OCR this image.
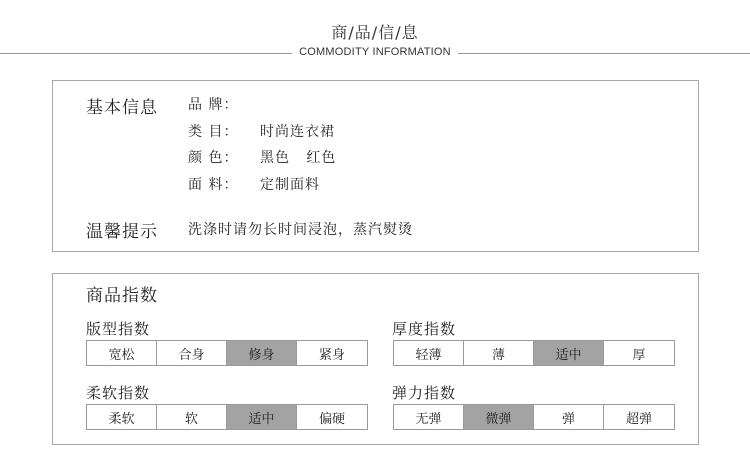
商/品/信/息
COMMODITY INFORMATION
基本信息 品 牌：
类 目： 时尚连衣裙
颜 色： 黑色   红色
面 料： 定制面料
温馨提示 洗涤时请勿长时间浸泡，蒸汽熨烫
商品指数
版型指数
宽松	合身	修身	紧身
厚度指数
轻薄	薄	适中	厚
柔软指数
柔软	软	适中	偏硬
弹力指数
无弹	微弹	弹	超弹
